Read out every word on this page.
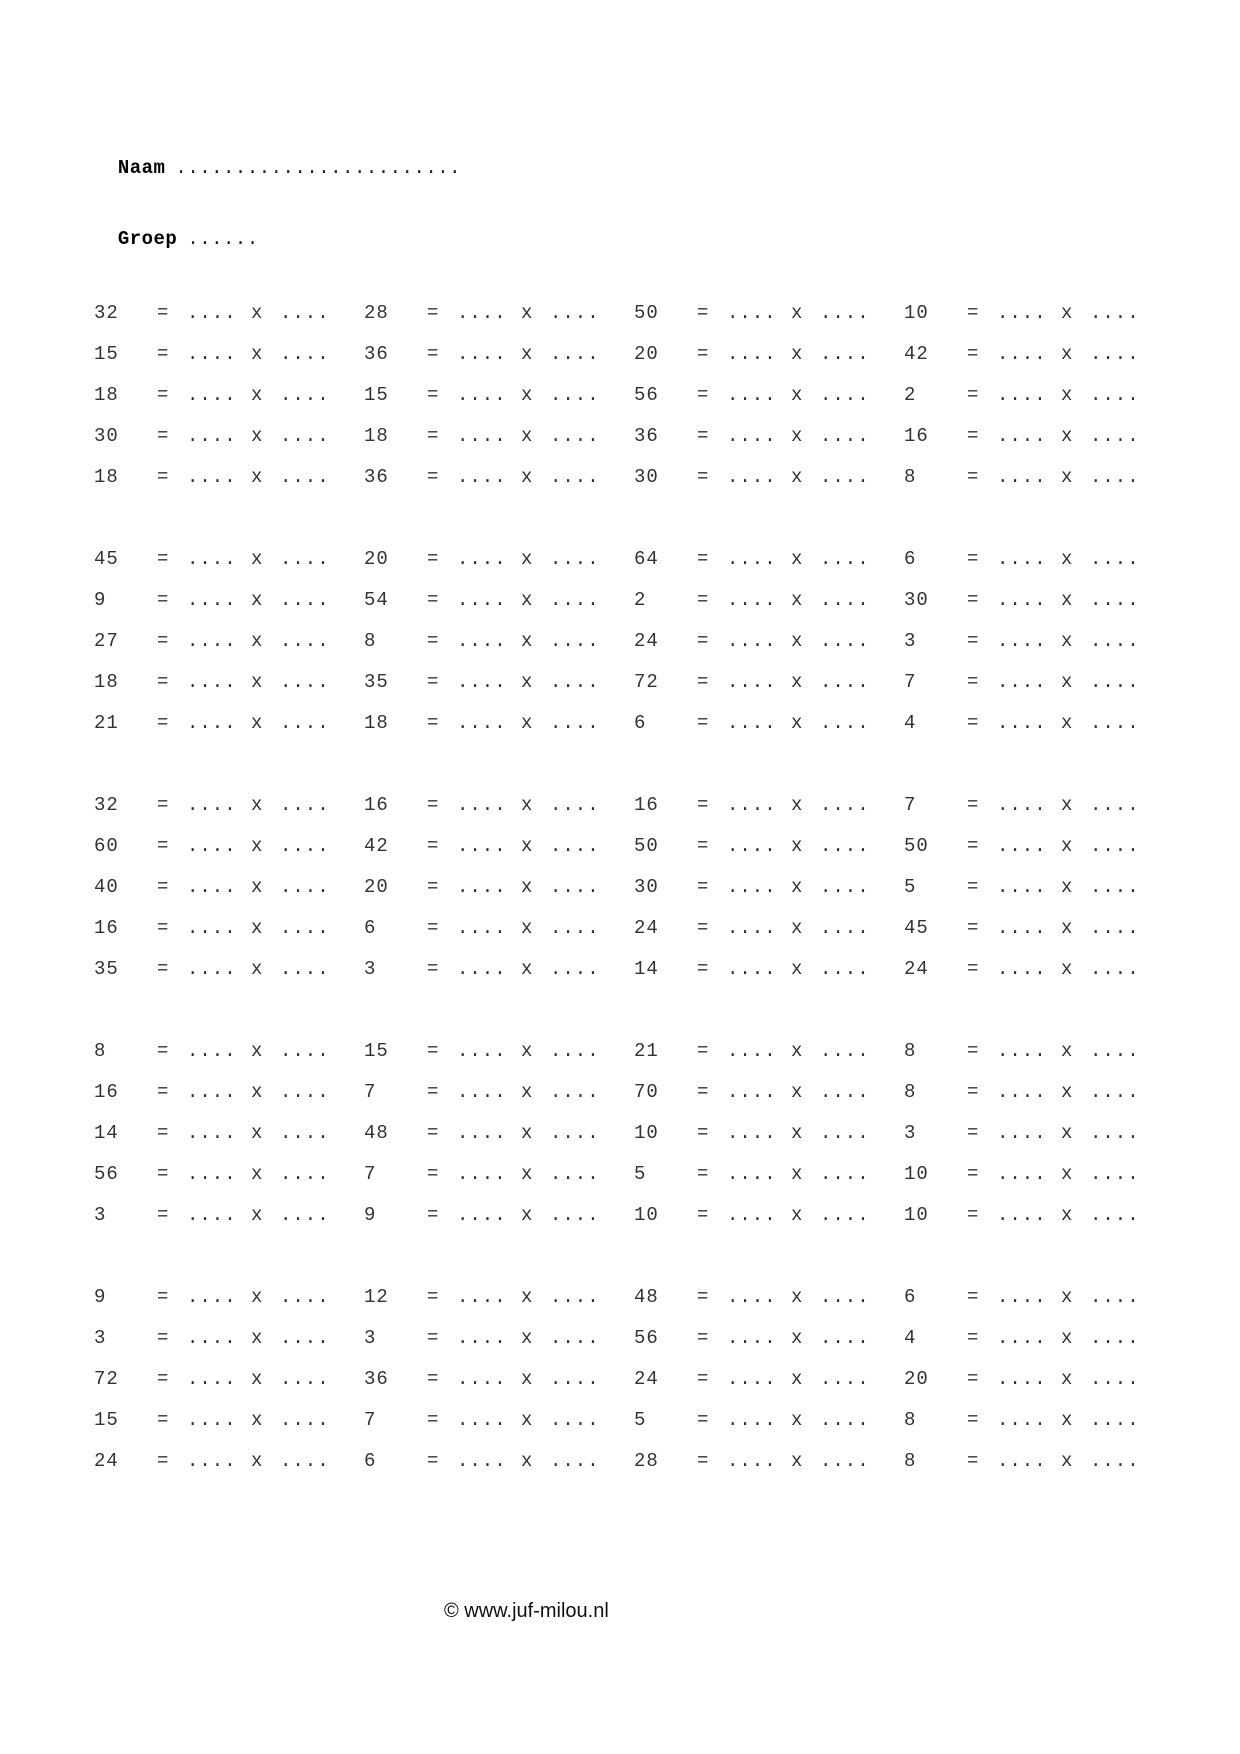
Naam ........................

Groep ......

32	= .... x ....	28	= .... x ....	50	= .... x ....	10	= .... x ....
15	= .... x ....	36	= .... x ....	20	= .... x ....	42	= .... x ....
18	= .... x ....	15	= .... x ....	56	= .... x ....	2	= .... x ....
30	= .... x ....	18	= .... x ....	36	= .... x ....	16	= .... x ....
18	= .... x ....	36	= .... x ....	30	= .... x ....	8	= .... x ....
45	= .... x ....	20	= .... x ....	64	= .... x ....	6	= .... x ....
9	= .... x ....	54	= .... x ....	2	= .... x ....	30	= .... x ....
27	= .... x ....	8	= .... x ....	24	= .... x ....	3	= .... x ....
18	= .... x ....	35	= .... x ....	72	= .... x ....	7	= .... x ....
21	= .... x ....	18	= .... x ....	6	= .... x ....	4	= .... x ....
32	= .... x ....	16	= .... x ....	16	= .... x ....	7	= .... x ....
60	= .... x ....	42	= .... x ....	50	= .... x ....	50	= .... x ....
40	= .... x ....	20	= .... x ....	30	= .... x ....	5	= .... x ....
16	= .... x ....	6	= .... x ....	24	= .... x ....	45	= .... x ....
35	= .... x ....	3	= .... x ....	14	= .... x ....	24	= .... x ....
8	= .... x ....	15	= .... x ....	21	= .... x ....	8	= .... x ....
16	= .... x ....	7	= .... x ....	70	= .... x ....	8	= .... x ....
14	= .... x ....	48	= .... x ....	10	= .... x ....	3	= .... x ....
56	= .... x ....	7	= .... x ....	5	= .... x ....	10	= .... x ....
3	= .... x ....	9	= .... x ....	10	= .... x ....	10	= .... x ....
9	= .... x ....	12	= .... x ....	48	= .... x ....	6	= .... x ....
3	= .... x ....	3	= .... x ....	56	= .... x ....	4	= .... x ....
72	= .... x ....	36	= .... x ....	24	= .... x ....	20	= .... x ....
15	= .... x ....	7	= .... x ....	5	= .... x ....	8	= .... x ....
24	= .... x ....	6	= .... x ....	28	= .... x ....	8	= .... x ....
© www.juf-milou.nl
